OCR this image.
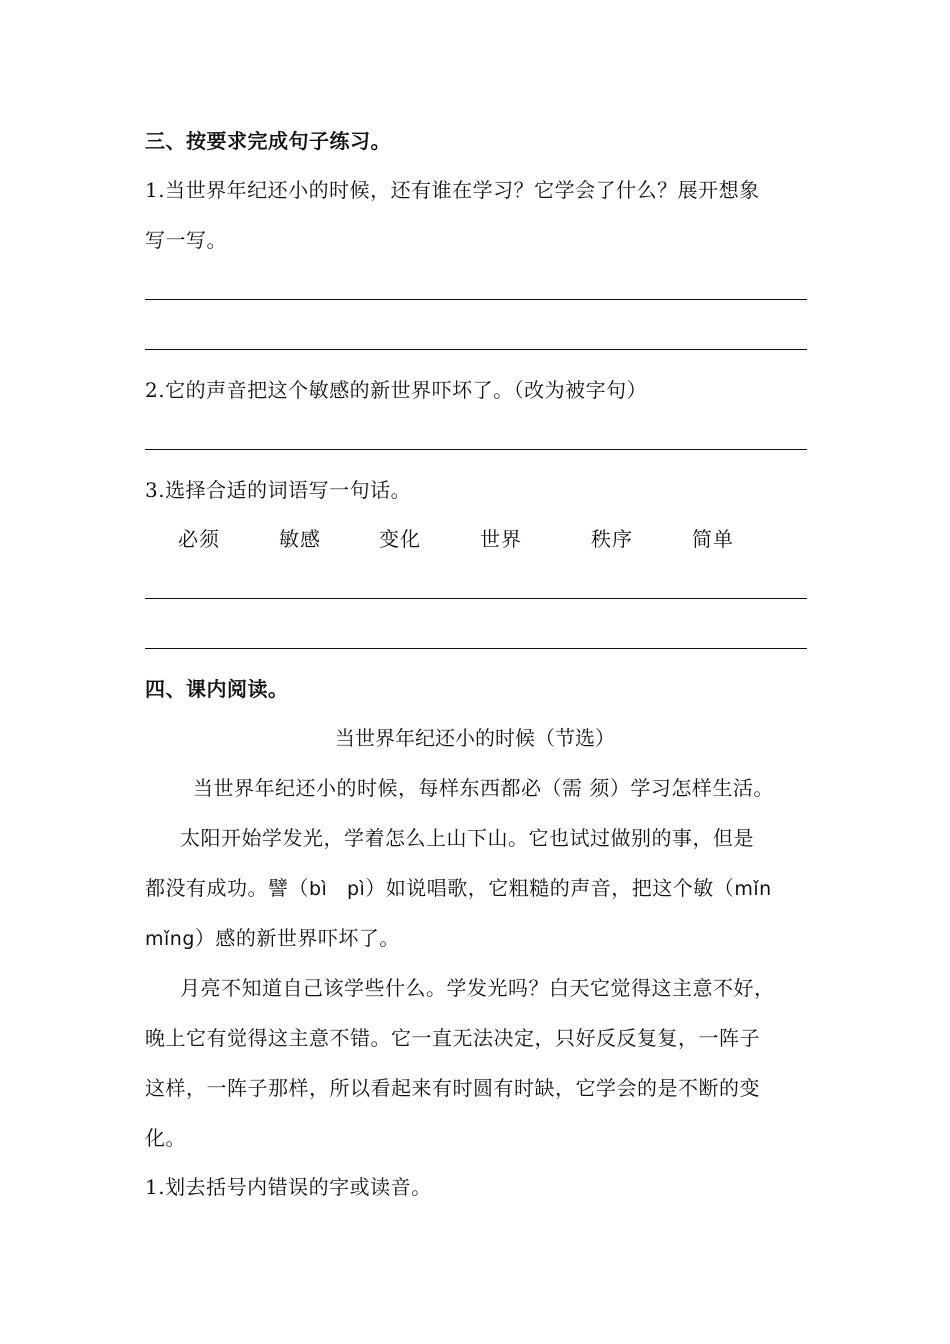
三、按要求完成句子练习。
1.当世界年纪还小的时候，还有谁在学习？它学会了什么？展开想象
写一写。
2.它的声音把这个敏感的新世界吓坏了。（改为被字句）
3.选择合适的词语写一句话。
必须	敏感	变化	世界	秩序	简单
四、课内阅读。
当世界年纪还小的时候（节选）
当世界年纪还小的时候，每样东西都必（需 须）学习怎样生活。
太阳开始学发光，学着怎么上山下山。它也试过做别的事，但是
都没有成功。譬（bì   pì）如说唱歌，它粗糙的声音，把这个敏（mǐn
mǐng）感的新世界吓坏了。
月亮不知道自己该学些什么。学发光吗？白天它觉得这主意不好，
晚上它有觉得这主意不错。它一直无法决定，只好反反复复，一阵子
这样，一阵子那样，所以看起来有时圆有时缺，它学会的是不断的变
化。
1.划去括号内错误的字或读音。
